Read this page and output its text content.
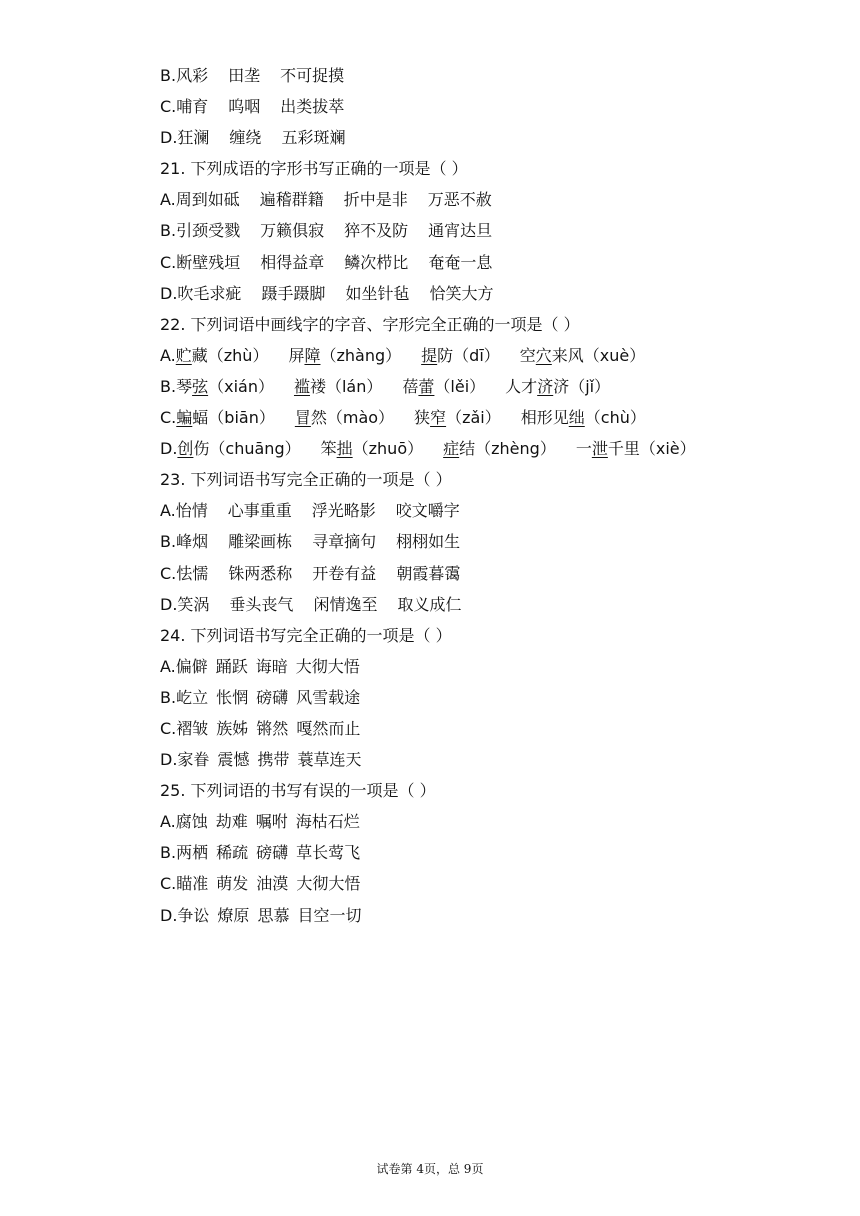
B.风彩 田垄 不可捉摸
C.哺育 呜咽 出类拔萃
D.狂澜 缠绕 五彩斑斓
21. 下列成语的字形书写正确的一项是（ ）
A.周到如砥 遍稽群籍 折中是非 万恶不赦
B.引颈受戮 万籁俱寂 猝不及防 通宵达旦
C.断壁残垣 相得益章 鳞次栉比 奄奄一息
D.吹毛求疵 蹑手蹑脚 如坐针毡 恰笑大方
22. 下列词语中画线字的字音、字形完全正确的一项是（ ）
A.贮藏（zhù） 屏障（zhàng） 提防（dī） 空穴来风（xuè）
B.琴弦（xián） 褴褛（lán） 蓓蕾（lěi） 人才济济（jǐ）
C.蝙蝠（biān） 冒然（mào） 狭窄（zǎi） 相形见绌（chù）
D.创伤（chuāng） 笨拙（zhuō） 症结（zhèng） 一泄千里（xiè）
23. 下列词语书写完全正确的一项是（ ）
A.怡情 心事重重 浮光略影 咬文嚼字
B.峰烟 雕梁画栋 寻章摘句 栩栩如生
C.怯懦 铢两悉称 开卷有益 朝霞暮霭
D.笑涡 垂头丧气 闲情逸至 取义成仁
24. 下列词语书写完全正确的一项是（ ）
A.偏僻 踊跃 诲暗 大彻大悟
B.屹立 怅惘 磅礴 风雪载途
C.褶皱 族姊 锵然 嘎然而止
D.家眷 震憾 携带 蓑草连天
25. 下列词语的书写有误的一项是（ ）
A.腐蚀 劫难 嘱咐 海枯石烂
B.两栖 稀疏 磅礴 草长莺飞
C.瞄准 萌发 油漠 大彻大悟
D.争讼 燎原 思慕 目空一切
试卷第 4页，总 9页
